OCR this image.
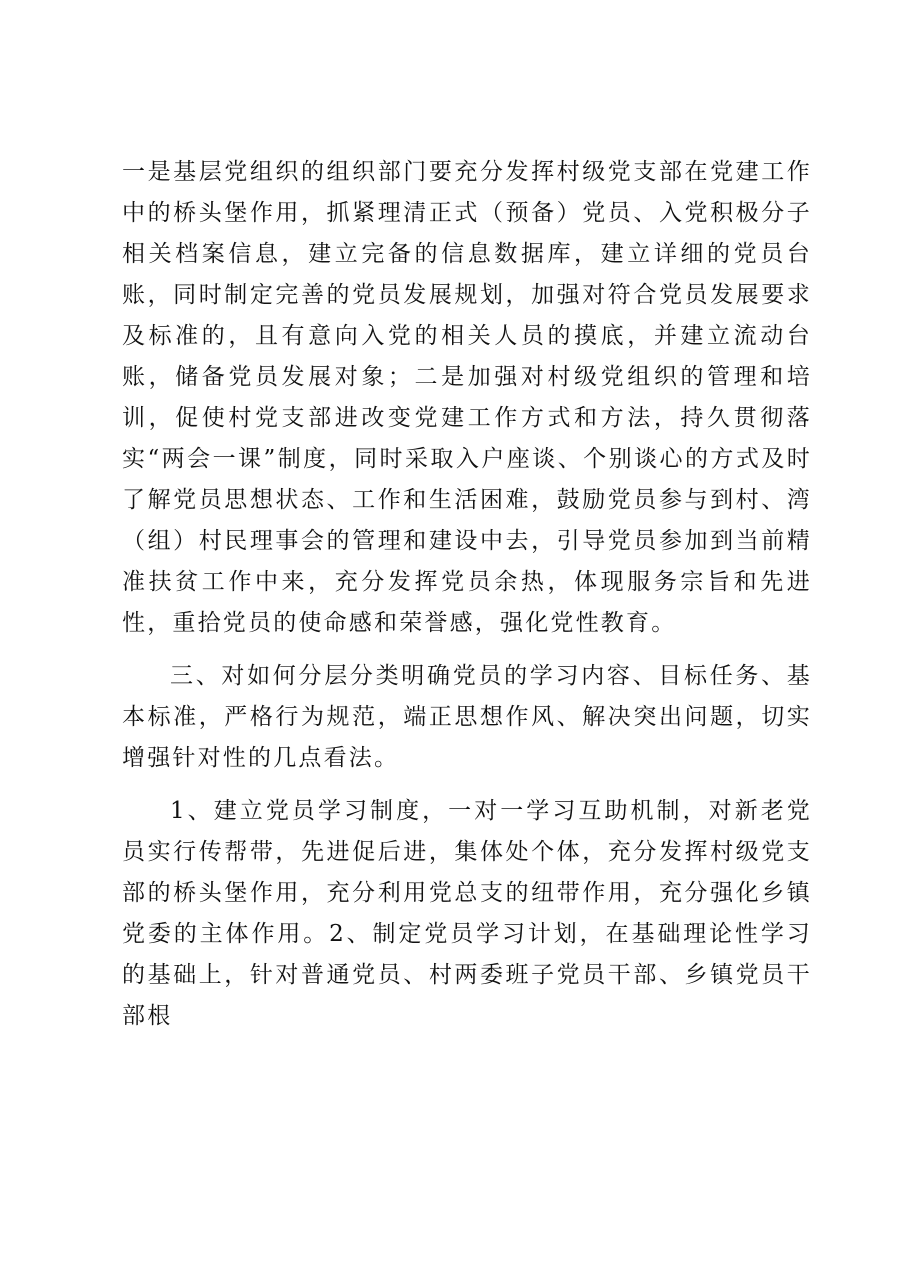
一是基层党组织的组织部门要充分发挥村级党支部在党建工作中的桥头堡作用，抓紧理清正式（预备）党员、入党积极分子相关档案信息，建立完备的信息数据库，建立详细的党员台账，同时制定完善的党员发展规划，加强对符合党员发展要求及标准的，且有意向入党的相关人员的摸底，并建立流动台账，储备党员发展对象；二是加强对村级党组织的管理和培训，促使村党支部进改变党建工作方式和方法，持久贯彻落实“两会一课”制度，同时采取入户座谈、个别谈心的方式及时了解党员思想状态、工作和生活困难，鼓励党员参与到村、湾（组）村民理事会的管理和建设中去，引导党员参加到当前精准扶贫工作中来，充分发挥党员余热，体现服务宗旨和先进性，重拾党员的使命感和荣誉感，强化党性教育。

三、对如何分层分类明确党员的学习内容、目标任务、基本标准，严格行为规范，端正思想作风、解决突出问题，切实增强针对性的几点看法。

1、建立党员学习制度，一对一学习互助机制，对新老党员实行传帮带，先进促后进，集体处个体，充分发挥村级党支部的桥头堡作用，充分利用党总支的纽带作用，充分强化乡镇党委的主体作用。2、制定党员学习计划，在基础理论性学习的基础上，针对普通党员、村两委班子党员干部、乡镇党员干部根
